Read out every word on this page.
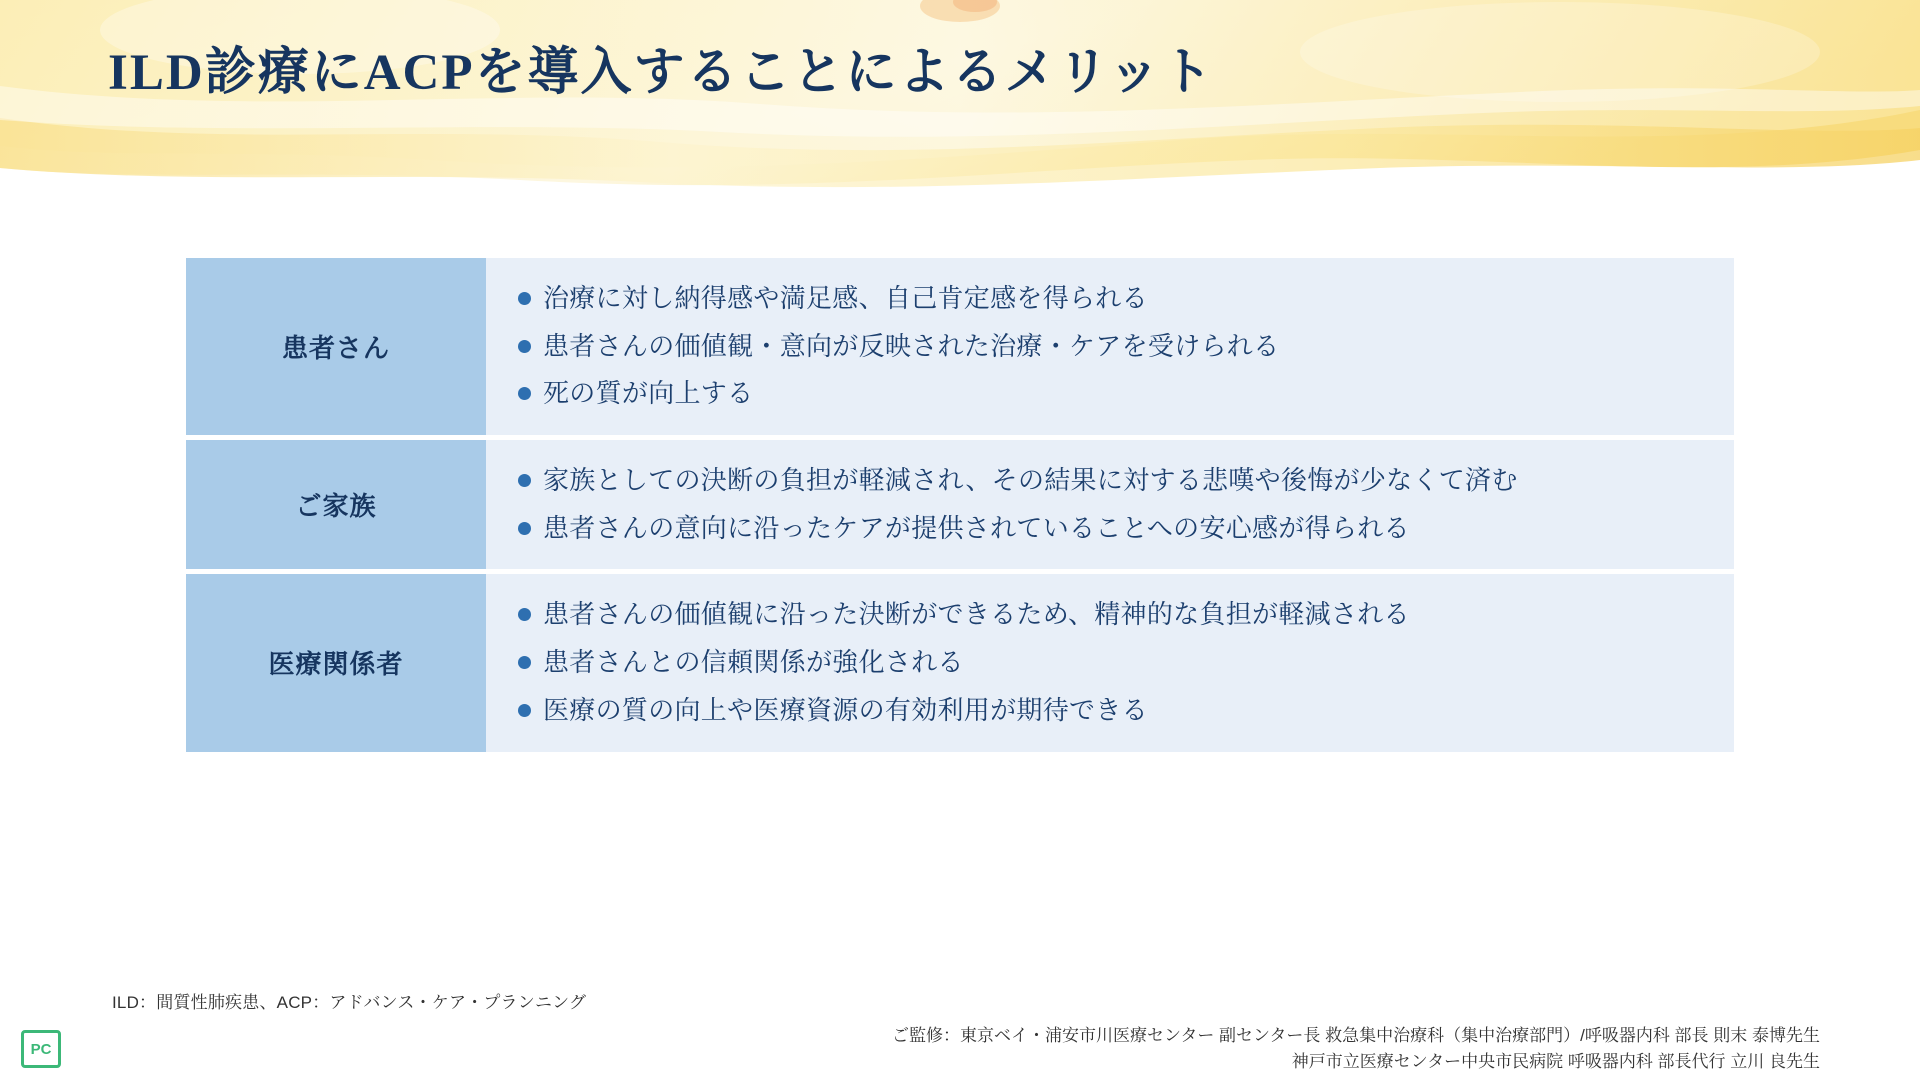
ILD診療にACPを導入することによるメリット
患者さん
治療に対し納得感や満足感、自己肯定感を得られる
患者さんの価値観・意向が反映された治療・ケアを受けられる
死の質が向上する
ご家族
家族としての決断の負担が軽減され、その結果に対する悲嘆や後悔が少なくて済む
患者さんの意向に沿ったケアが提供されていることへの安心感が得られる
医療関係者
患者さんの価値観に沿った決断ができるため、精神的な負担が軽減される
患者さんとの信頼関係が強化される
医療の質の向上や医療資源の有効利用が期待できる
ILD：間質性肺疾患、ACP：アドバンス・ケア・プランニング
ご監修：東京ベイ・浦安市川医療センター 副センター長 救急集中治療科（集中治療部門）/呼吸器内科 部長 則末 泰博先生
神戸市立医療センター中央市民病院 呼吸器内科 部長代行 立川 良先生
PC
